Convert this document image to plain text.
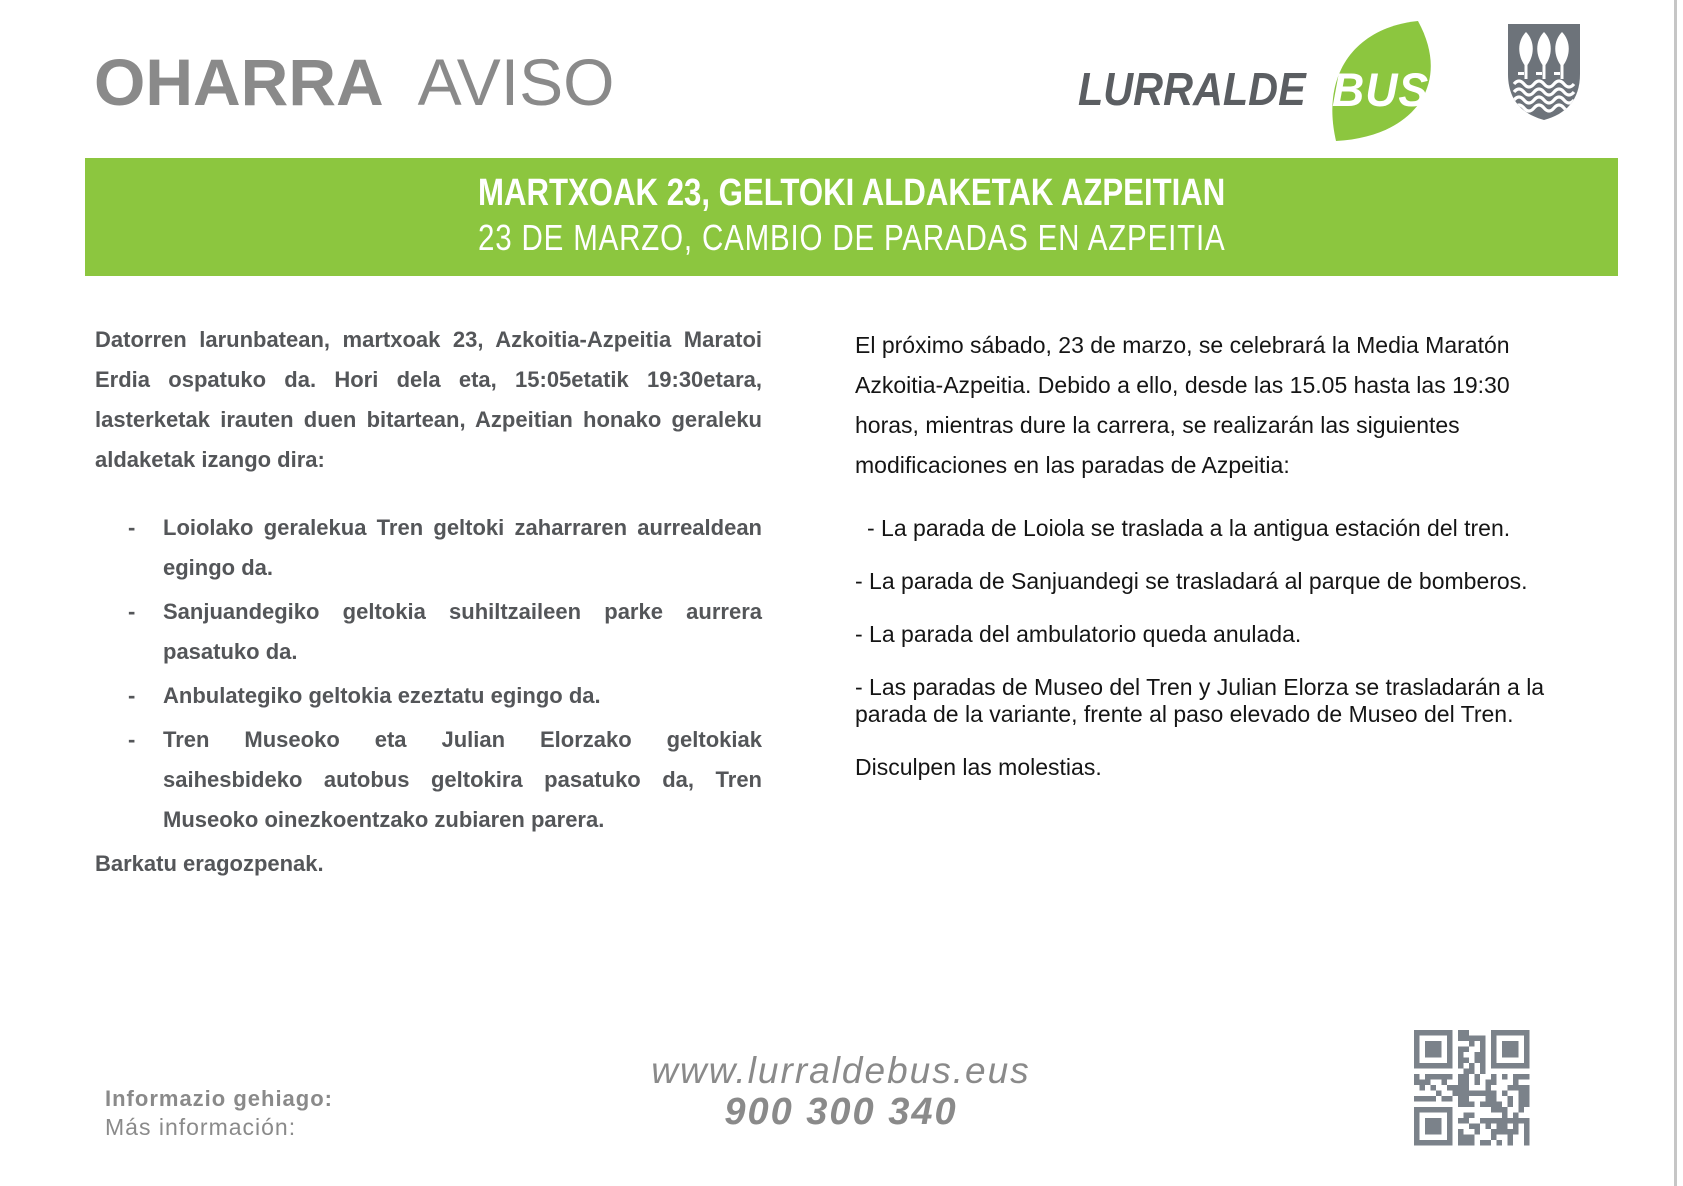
OHARRA AVISO	LURRALDE BUS
MARTXOAK 23, GELTOKI ALDAKETAK AZPEITIAN
23 DE MARZO, CAMBIO DE PARADAS EN AZPEITIA

Datorren larunbatean, martxoak 23, Azkoitia-Azpeitia Maratoi Erdia ospatuko da. Hori dela eta, 15:05etatik 19:30etara, lasterketak irauten duen bitartean, Azpeitian honako geraleku aldaketak izango dira:

- Loiolako geralekua Tren geltoki zaharraren aurrealdean egingo da.
- Sanjuandegiko geltokia suhiltzaileen parke aurrera pasatuko da.
- Anbulategiko geltokia ezeztatu egingo da.
- Tren Museoko eta Julian Elorzako geltokiak saihesbideko autobus geltokira pasatuko da, Tren Museoko oinezkoentzako zubiaren parera.

Barkatu eragozpenak.

El próximo sábado, 23 de marzo, se celebrará la Media Maratón Azkoitia-Azpeitia. Debido a ello, desde las 15.05 hasta las 19:30 horas, mientras dure la carrera, se realizarán las siguientes modificaciones en las paradas de Azpeitia:

- La parada de Loiola se traslada a la antigua estación del tren.

- La parada de Sanjuandegi se trasladará al parque de bomberos.

- La parada del ambulatorio queda anulada.

- Las paradas de Museo del Tren y Julian Elorza se trasladarán a la parada de la variante, frente al paso elevado de Museo del Tren.

Disculpen las molestias.

www.lurraldebus.eus
900 300 340
Informazio gehiago:
Más información:
